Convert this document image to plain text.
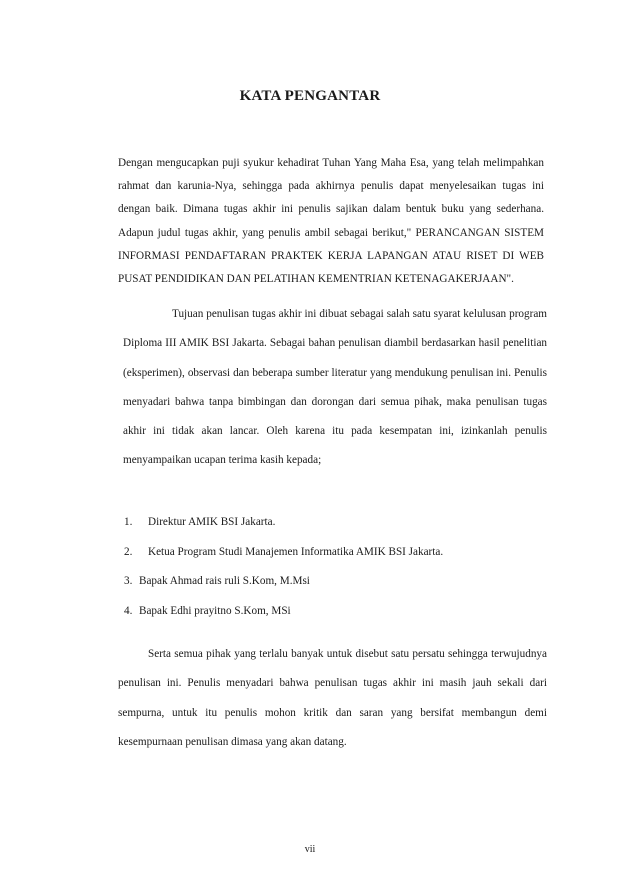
KATA PENGANTAR

Dengan mengucapkan puji syukur kehadirat Tuhan Yang Maha Esa, yang telah melimpahkan rahmat dan karunia-Nya, sehingga pada akhirnya penulis dapat menyelesaikan tugas ini dengan baik. Dimana tugas akhir ini penulis sajikan dalam bentuk buku yang sederhana. Adapun judul tugas akhir, yang penulis ambil sebagai berikut," PERANCANGAN SISTEM INFORMASI PENDAFTARAN PRAKTEK KERJA LAPANGAN ATAU RISET DI WEB PUSAT PENDIDIKAN DAN PELATIHAN KEMENTRIAN KETENAGAKERJAAN".

Tujuan penulisan tugas akhir ini dibuat sebagai salah satu syarat kelulusan program Diploma III AMIK BSI Jakarta. Sebagai bahan penulisan diambil berdasarkan hasil penelitian (eksperimen), observasi dan beberapa sumber literatur yang mendukung penulisan ini. Penulis menyadari bahwa tanpa bimbingan dan dorongan dari semua pihak, maka penulisan tugas akhir ini tidak akan lancar. Oleh karena itu pada kesempatan ini, izinkanlah penulis menyampaikan ucapan terima kasih kepada;

1. Direktur AMIK BSI Jakarta.
2. Ketua Program Studi Manajemen Informatika AMIK BSI Jakarta.
3. Bapak Ahmad rais ruli S.Kom, M.Msi
4. Bapak Edhi prayitno S.Kom, MSi

Serta semua pihak yang terlalu banyak untuk disebut satu persatu sehingga terwujudnya penulisan ini. Penulis menyadari bahwa penulisan tugas akhir ini masih jauh sekali dari sempurna, untuk itu penulis mohon kritik dan saran yang bersifat membangun demi kesempurnaan penulisan dimasa yang akan datang.

vii
